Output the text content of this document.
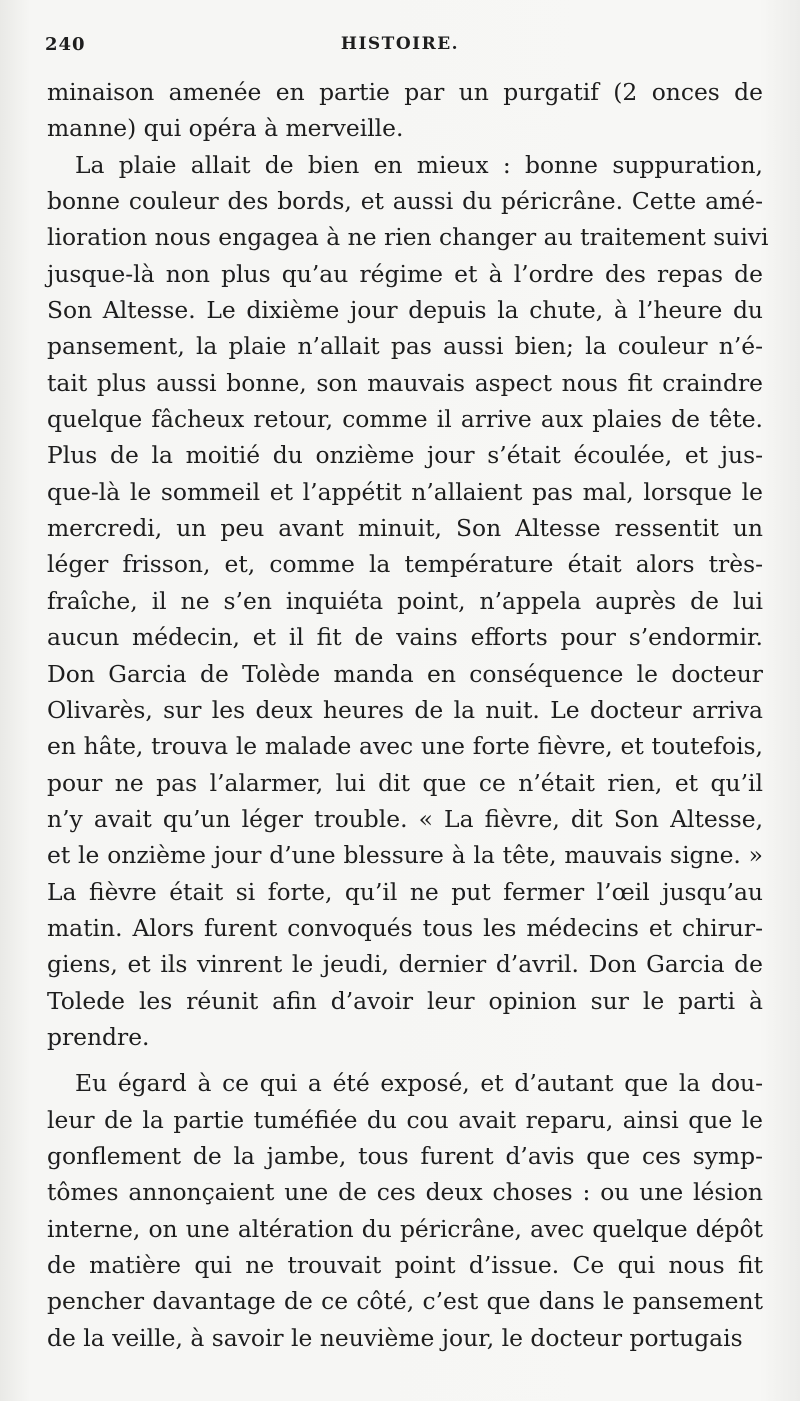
240	HISTOIRE.
minaison amenée en partie par un purgatif (2 onces de
manne) qui opéra à merveille.
La plaie allait de bien en mieux : bonne suppuration,
bonne couleur des bords, et aussi du péricrâne. Cette amé-
lioration nous engagea à ne rien changer au traitement suivi
jusque-là non plus qu’au régime et à l’ordre des repas de
Son Altesse. Le dixième jour depuis la chute, à l’heure du
pansement, la plaie n’allait pas aussi bien; la couleur n’é-
tait plus aussi bonne, son mauvais aspect nous fit craindre
quelque fâcheux retour, comme il arrive aux plaies de tête.
Plus de la moitié du onzième jour s’était écoulée, et jus-
que-là le sommeil et l’appétit n’allaient pas mal, lorsque le
mercredi, un peu avant minuit, Son Altesse ressentit un
léger frisson, et, comme la température était alors très-
fraîche, il ne s’en inquiéta point, n’appela auprès de lui
aucun médecin, et il fit de vains efforts pour s’endormir.
Don Garcia de Tolède manda en conséquence le docteur
Olivarès, sur les deux heures de la nuit. Le docteur arriva
en hâte, trouva le malade avec une forte fièvre, et toutefois,
pour ne pas l’alarmer, lui dit que ce n’était rien, et qu’il
n’y avait qu’un léger trouble. « La fièvre, dit Son Altesse,
et le onzième jour d’une blessure à la tête, mauvais signe. »
La fièvre était si forte, qu’il ne put fermer l’œil jusqu’au
matin. Alors furent convoqués tous les médecins et chirur-
giens, et ils vinrent le jeudi, dernier d’avril. Don Garcia de
Tolede les réunit afin d’avoir leur opinion sur le parti à
prendre.
Eu égard à ce qui a été exposé, et d’autant que la dou-
leur de la partie tuméfiée du cou avait reparu, ainsi que le
gonflement de la jambe, tous furent d’avis que ces symp-
tômes annonçaient une de ces deux choses : ou une lésion
interne, on une altération du péricrâne, avec quelque dépôt
de matière qui ne trouvait point d’issue. Ce qui nous fit
pencher davantage de ce côté, c’est que dans le pansement
de la veille, à savoir le neuvième jour, le docteur portugais
